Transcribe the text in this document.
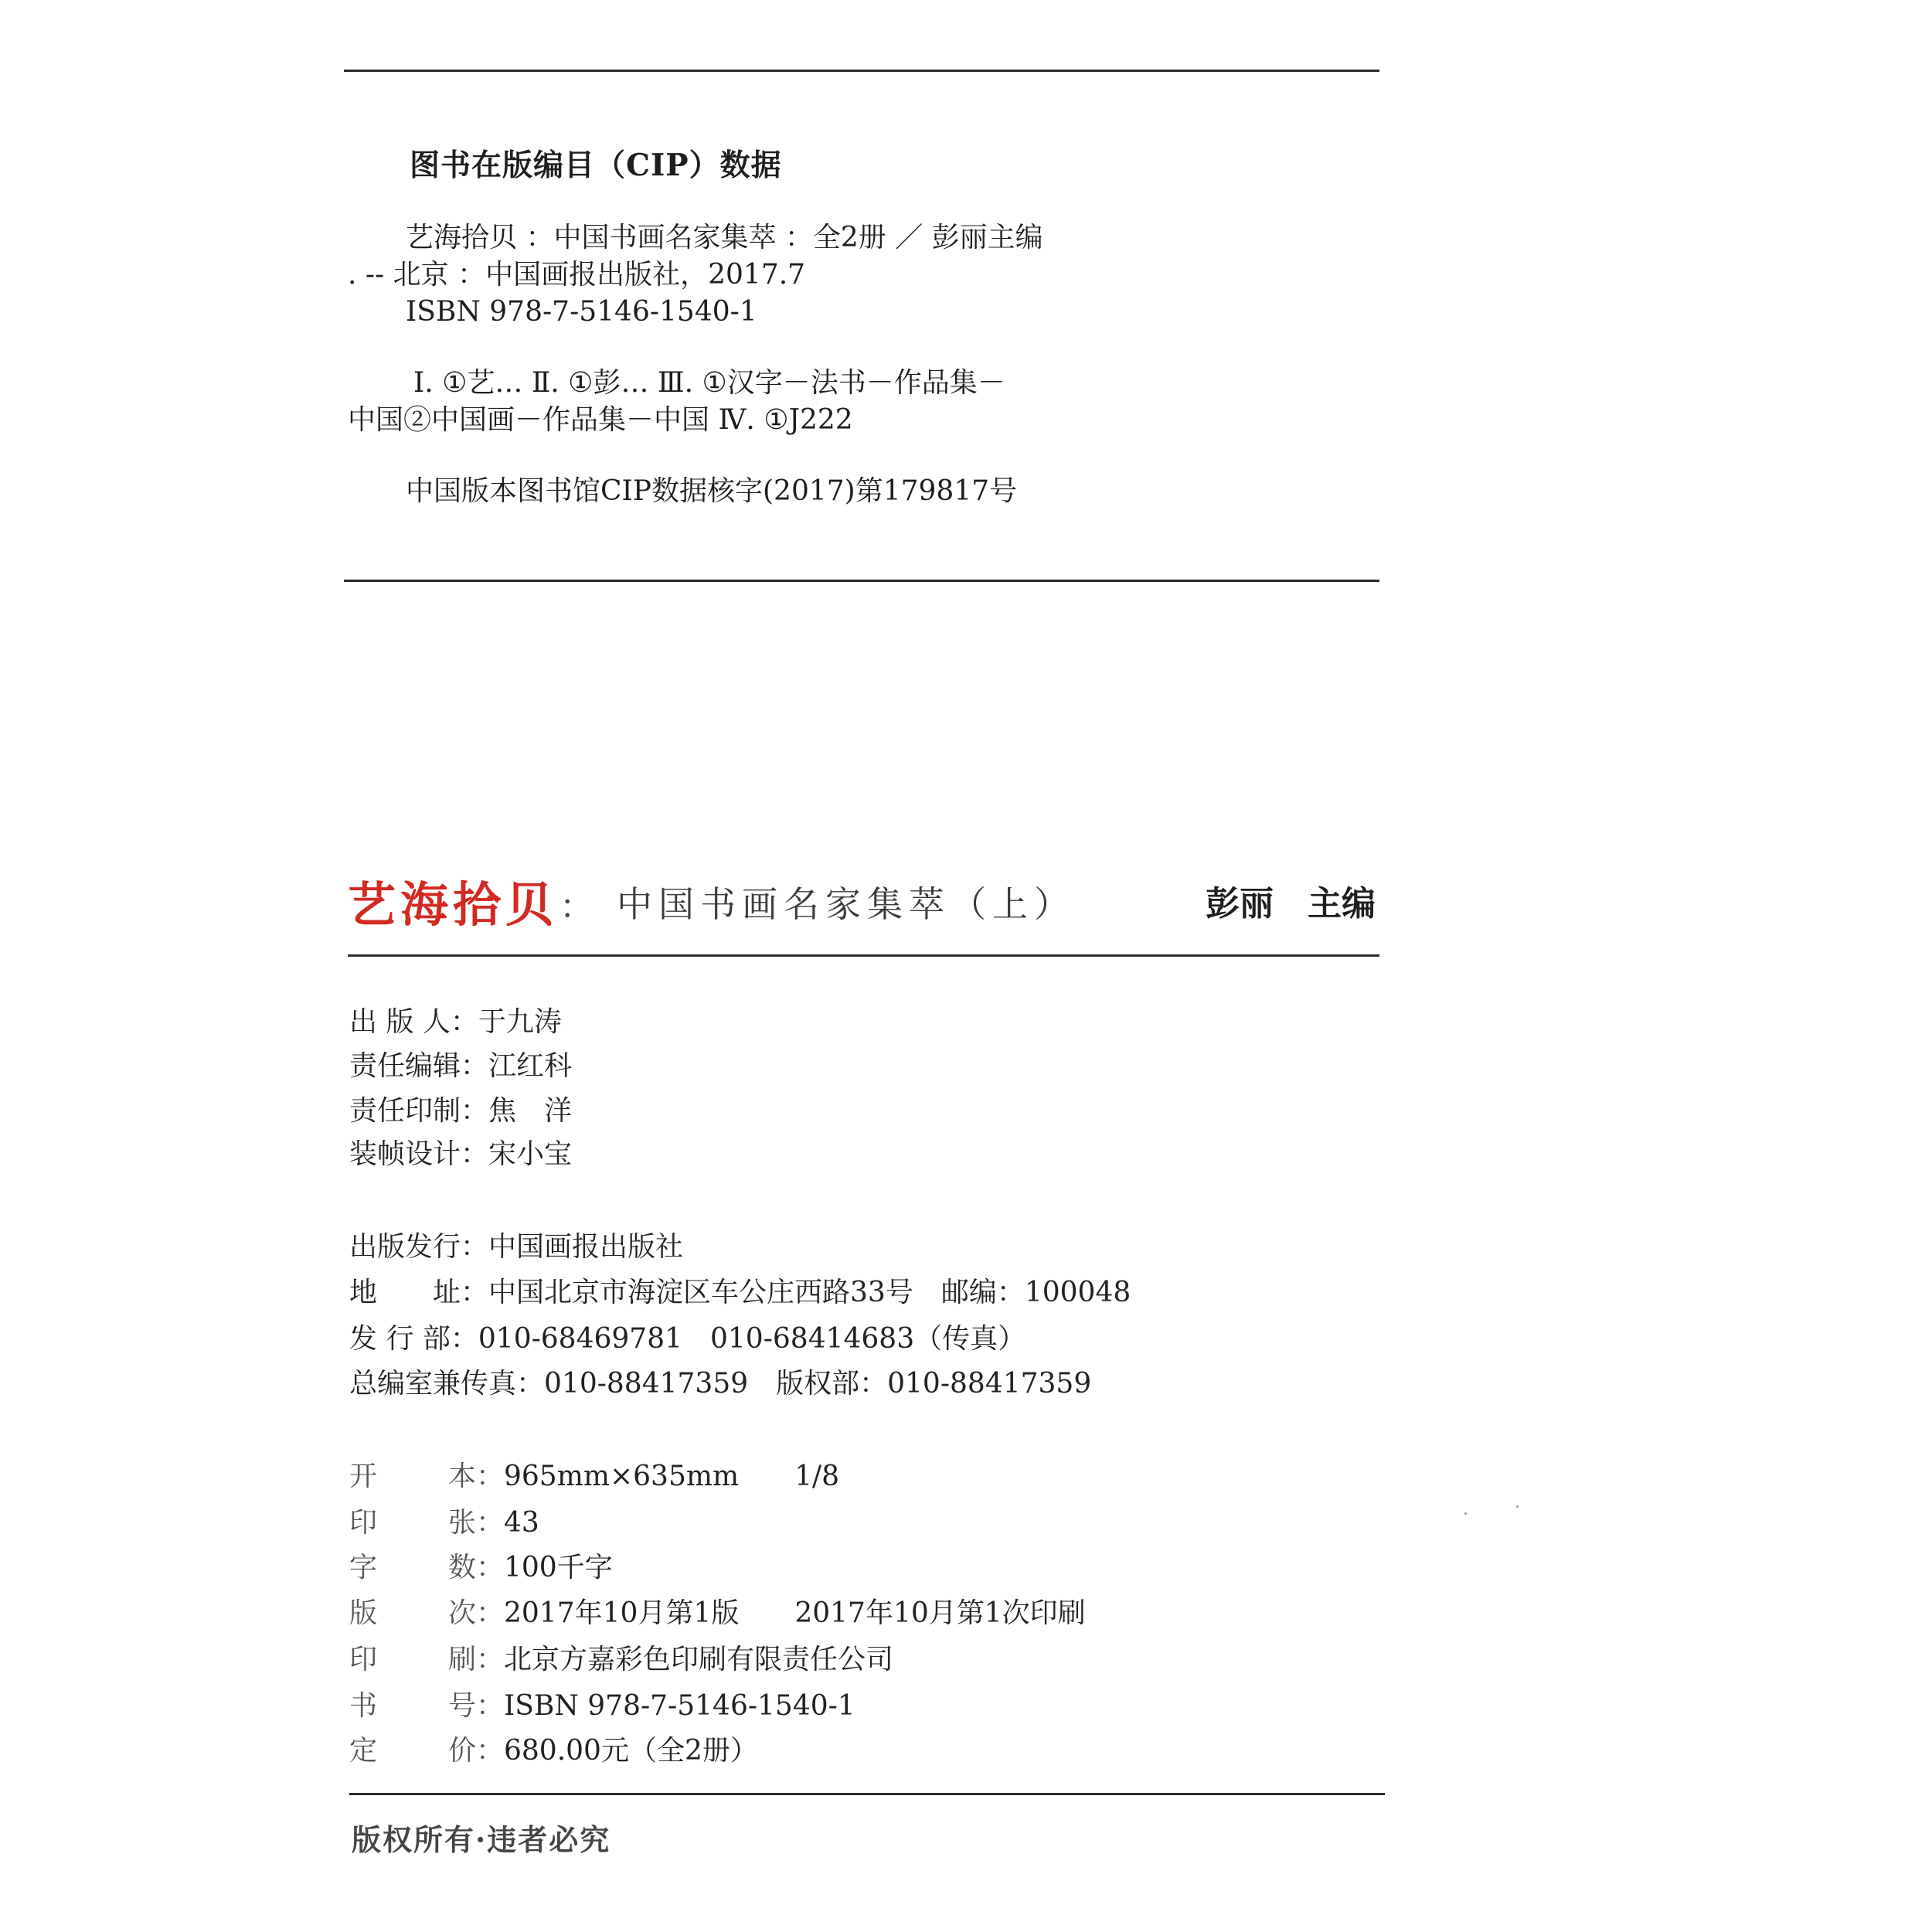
图书在版编目（CIP）数据
艺海拾贝 ：中国书画名家集萃 ：全2册 ／ 彭丽主编
. -- 北京 ：中国画报出版社，2017.7
ISBN 978-7-5146-1540-1
Ⅰ. ①艺… Ⅱ. ①彭… Ⅲ. ①汉字－法书－作品集－
中国②中国画－作品集－中国 Ⅳ. ①J222
中国版本图书馆CIP数据核字(2017)第179817号
艺海拾贝： 中国书画名家集萃（上）	彭丽　主编
出 版 人： 于九涛
责任编辑： 江红科
责任印制： 焦　洋
装帧设计： 宋小宝
出版发行： 中国画报出版社
地　　址： 中国北京市海淀区车公庄西路33号　邮编：100048
发 行 部： 010-68469781　010-68414683（传真）
总编室兼传真： 010-88417359　版权部：010-88417359
开	本： 965mm×635mm　　1/8
印	张： 43
字	数： 100千字
版	次： 2017年10月第1版　　2017年10月第1次印刷
印	刷： 北京方嘉彩色印刷有限责任公司
书	号： ISBN 978-7-5146-1540-1
定	价： 680.00元（全2册）
版权所有·违者必究
